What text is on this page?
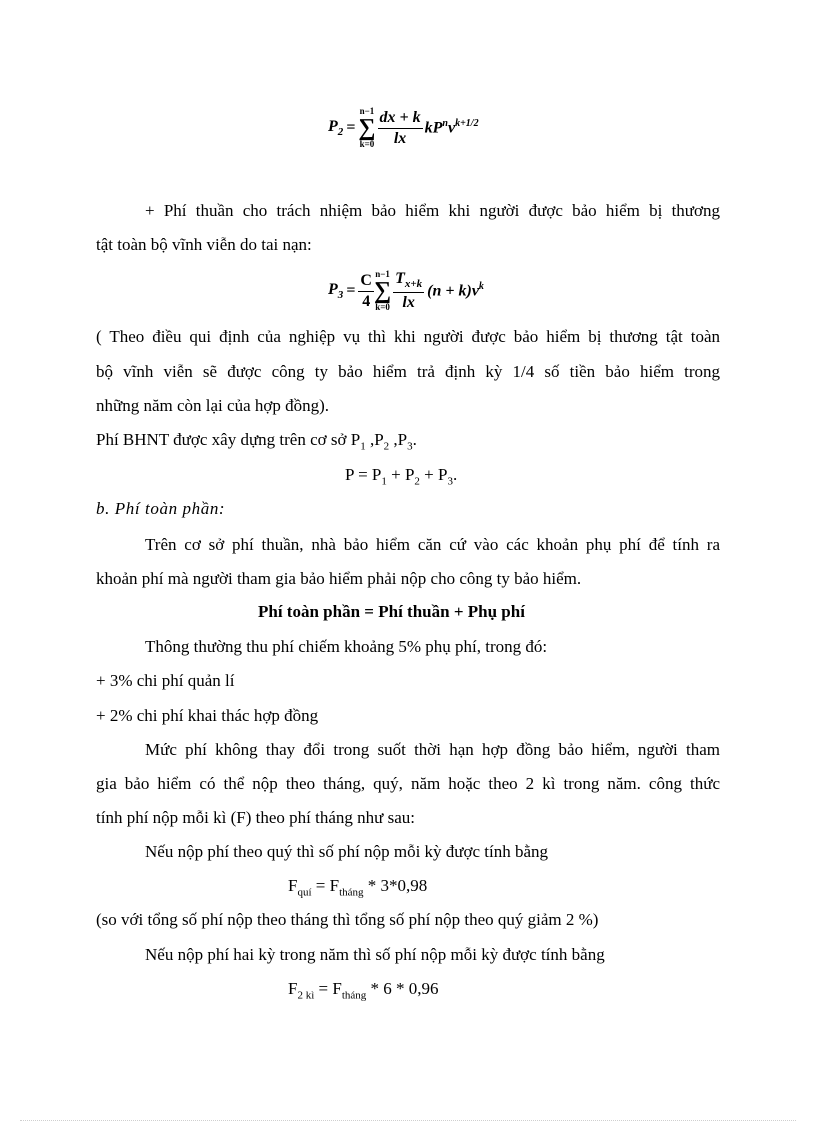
$P_2$ =
n−1
∑
$k=0 \frac{dx + k}{lx} kP^nv^{k+1/2}$
+ Phí thuần cho trách nhiệm bảo hiểm khi người được bảo hiểm bị thương
tật toàn bộ vĩnh viễn do tai nạn:
$P_3 = \frac{C}{4} n-1$
∑
$k=0 \frac{T_{x+k}}{lx} (n + k)v^k$
( Theo điều qui định của nghiệp vụ thì khi người được bảo hiểm bị thương tật toàn
bộ vĩnh viễn sẽ được công ty bảo hiểm trả định kỳ 1/4 số tiền bảo hiểm trong
những năm còn lại của hợp đồng).
Phí BHNT được xây dựng trên cơ sở $P_1$ $,P_2$ $,P_3$.
$P = P_1 + P_2 + P_3$.
b. Phí toàn phần:
Trên cơ sở phí thuần, nhà bảo hiểm căn cứ vào các khoản phụ phí để tính ra
khoản phí mà người tham gia bảo hiểm phải nộp cho công ty bảo hiểm.
Phí toàn phần = Phí thuần + Phụ phí
Thông thường thu phí chiếm khoảng 5% phụ phí, trong đó:
+ 3% chi phí quản lí
+ 2% chi phí khai thác hợp đồng
Mức phí không thay đổi trong suốt thời hạn hợp đồng bảo hiểm, người tham
gia bảo hiểm có thể nộp theo tháng, quý, năm hoặc theo 2 kì trong năm. công thức
tính phí nộp mỗi kì (F) theo phí tháng như sau:
Nếu nộp phí theo quý thì số phí nộp mỗi kỳ được tính bằng
$F_{quí} = F_{tháng} * 3*0,98$
(so với tổng số phí nộp theo tháng thì tổng số phí nộp theo quý giảm 2 %)
Nếu nộp phí hai kỳ trong năm thì số phí nộp mỗi kỳ được tính bằng
$F_{2 kì} = F_{tháng} * 6 * 0,96$
